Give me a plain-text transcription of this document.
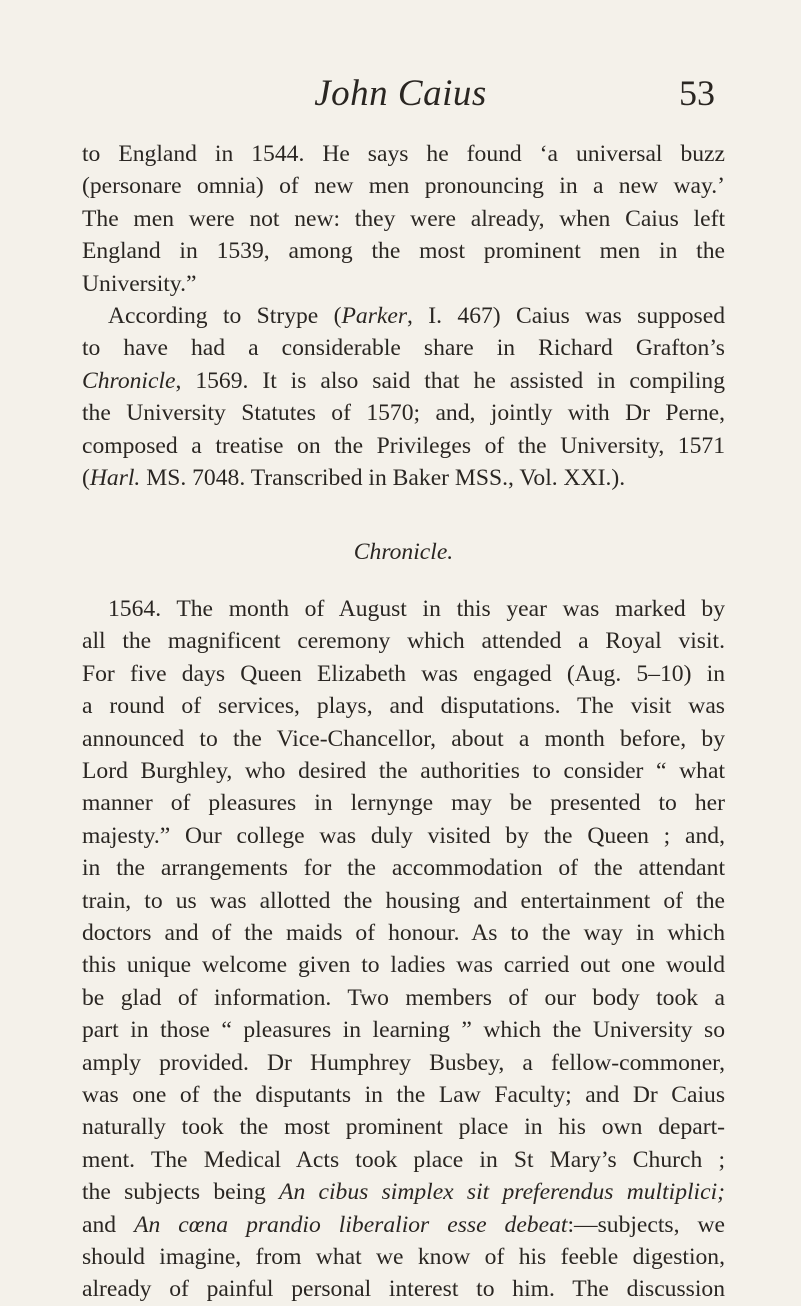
John Caius	53
to England in 1544. He says he found ‘a universal buzz
(personare omnia) of new men pronouncing in a new way.’
The men were not new: they were already, when Caius left
England in 1539, among the most prominent men in the
University.”
According to Strype (Parker, I. 467) Caius was supposed
to have had a considerable share in Richard Grafton’s
Chronicle, 1569. It is also said that he assisted in compiling
the University Statutes of 1570; and, jointly with Dr Perne,
composed a treatise on the Privileges of the University, 1571
(Harl. MS. 7048. Transcribed in Baker MSS., Vol. XXI.).
Chronicle.
1564. The month of August in this year was marked by
all the magnificent ceremony which attended a Royal visit.
For five days Queen Elizabeth was engaged (Aug. 5–10) in
a round of services, plays, and disputations. The visit was
announced to the Vice-Chancellor, about a month before, by
Lord Burghley, who desired the authorities to consider “ what
manner of pleasures in lernynge may be presented to her
majesty.” Our college was duly visited by the Queen ; and,
in the arrangements for the accommodation of the attendant
train, to us was allotted the housing and entertainment of the
doctors and of the maids of honour. As to the way in which
this unique welcome given to ladies was carried out one would
be glad of information. Two members of our body took a
part in those “ pleasures in learning ” which the University so
amply provided. Dr Humphrey Busbey, a fellow-commoner,
was one of the disputants in the Law Faculty; and Dr Caius
naturally took the most prominent place in his own depart-
ment. The Medical Acts took place in St Mary’s Church ;
the subjects being An cibus simplex sit preferendus multiplici;
and An cœna prandio liberalior esse debeat:—subjects, we
should imagine, from what we know of his feeble digestion,
already of painful personal interest to him. The discussion
